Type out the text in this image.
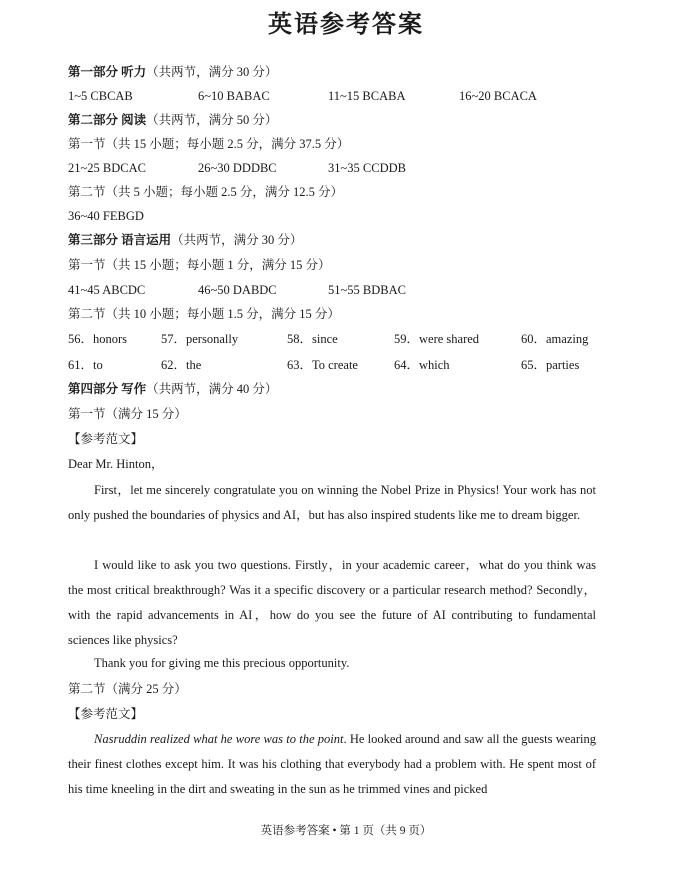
英语参考答案
第一部分 听力（共两节，满分 30 分）
1~5 CBCAB	6~10 BABAC	11~15 BCABA	16~20 BCACA
第二部分 阅读（共两节，满分 50 分）
第一节（共 15 小题；每小题 2.5 分，满分 37.5 分）
21~25 BDCAC	26~30 DDDBC	31~35 CCDDB
第二节（共 5 小题；每小题 2.5 分，满分 12.5 分）
36~40 FEBGD
第三部分 语言运用（共两节，满分 30 分）
第一节（共 15 小题；每小题 1 分，满分 15 分）
41~45 ABCDC	46~50 DABDC	51~55 BDBAC
第二节（共 10 小题；每小题 1.5 分，满分 15 分）
56．honors	57．personally	58．since	59．were shared	60．amazing
61．to	62．the	63．To create	64．which	65．parties
第四部分 写作（共两节，满分 40 分）
第一节（满分 15 分）
【参考范文】
Dear Mr. Hinton，
First，let me sincerely congratulate you on winning the Nobel Prize in Physics! Your work has not only pushed the boundaries of physics and AI，but has also inspired students like me to dream bigger.
I would like to ask you two questions. Firstly，in your academic career，what do you think was the most critical breakthrough? Was it a specific discovery or a particular research method? Secondly，with the rapid advancements in AI，how do you see the future of AI contributing to fundamental sciences like physics?
Thank you for giving me this precious opportunity.
第二节（满分 25 分）
【参考范文】
Nasruddin realized what he wore was to the point. He looked around and saw all the guests wearing their finest clothes except him. It was his clothing that everybody had a problem with. He spent most of his time kneeling in the dirt and sweating in the sun as he trimmed vines and picked
英语参考答案 • 第 1 页（共 9 页）
